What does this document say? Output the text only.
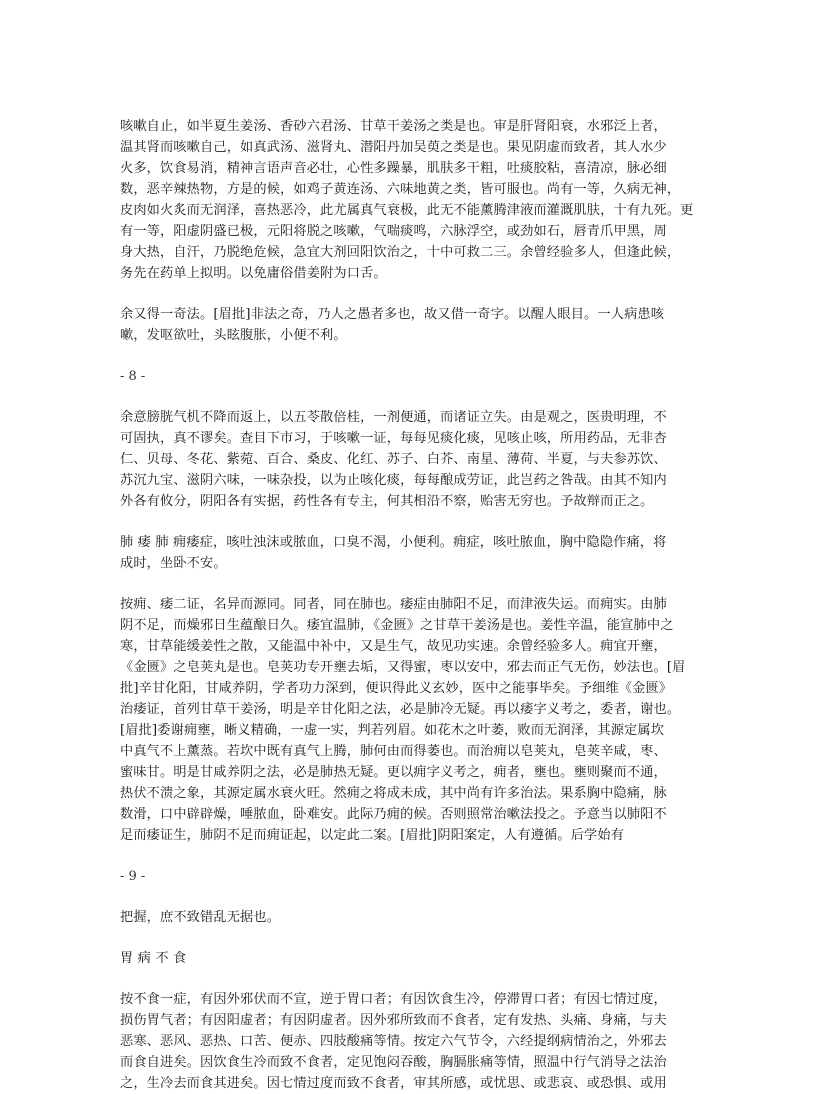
咳嗽自止，如半夏生姜汤、香砂六君汤、甘草干姜汤之类是也。审是肝肾阳衰，水邪泛上者，
温其肾而咳嗽自己，如真武汤、滋肾丸、潜阳丹加吴萸之类是也。果见阴虚而致者，其人水少
火多，饮食易消，精神言语声音必壮，心性多躁暴，肌肤多干粗，吐痰胶粘，喜清凉，脉必细
数，恶辛辣热物，方是的候，如鸡子黄连汤、六味地黄之类，皆可服也。尚有一等，久病无神，
皮肉如火炙而无润泽，喜热恶冷，此尤属真气衰极，此无不能薰腾津液而灌溉肌肤，十有九死。更
有一等，阳虚阴盛已极，元阳将脱之咳嗽，气喘痰鸣，六脉浮空，或劲如石，唇青爪甲黑，周
身大热，自汗，乃脱绝危候，急宜大剂回阳饮治之，十中可救二三。余曾经验多人，但逢此候，
务先在药单上拟明。以免庸俗借姜附为口舌。

余又得一奇法。[眉批]非法之奇，乃人之愚者多也，故又借一奇字。以醒人眼目。一人病患咳
嗽，发呕欲吐，头眩腹胀，小便不利。

- 8 -

余意膀胱气机不降而返上，以五苓散倍桂，一剂便通，而诸证立失。由是观之，医贵明理，不
可固执，真不谬矣。查目下市习，于咳嗽一证，每每见痰化痰，见咳止咳，所用药品，无非杏
仁、贝母、冬花、紫菀、百合、桑皮、化红、苏子、白芥、南星、薄荷、半夏，与夫参苏饮、
苏沉九宝、滋阴六味，一味杂投，以为止咳化痰，每每酿成劳证，此岂药之咎哉。由其不知内
外各有攸分，阴阳各有实据，药性各有专主，何其相沿不察，贻害无穷也。予故辩而正之。

肺 痿 肺 痈痿症，咳吐浊沫或脓血，口臭不渴，小便利。痈症，咳吐脓血，胸中隐隐作痛，将
成时，坐卧不安。

按痈、痿二证，名异而源同。同者，同在肺也。痿症由肺阳不足，而津液失运。而痈实。由肺
阴不足，而燥邪日生蕴酿日久。痿宜温肺，《金匮》之甘草干姜汤是也。姜性辛温，能宣肺中之
寒，甘草能缓姜性之散，又能温中补中，又是生气，故见功实速。余曾经验多人。痈宜开壅，
《金匮》之皂荚丸是也。皂荚功专开壅去垢，又得蜜，枣以安中，邪去而正气无伤，妙法也。[眉
批]辛甘化阳，甘咸养阴，学者功力深到，便识得此义玄妙，医中之能事毕矣。予细维《金匮》
治痿证，首列甘草干姜汤，明是辛甘化阳之法，必是肺冷无疑。再以痿字义考之，委者，谢也。
[眉批]委谢痈壅，晰义精确，一虚一实，判若列眉。如花木之叶萎，败而无润泽，其源定属坎
中真气不上薰蒸。若坎中既有真气上腾，肺何由而得萎也。而治痈以皂荚丸，皂荚辛咸，枣、
蜜味甘。明是甘咸养阴之法，必是肺热无疑。更以痈字义考之，痈者，壅也。壅则聚而不通，
热伏不溃之象，其源定属水衰火旺。然痈之将成未成，其中尚有许多治法。果系胸中隐痛，脉
数滑，口中辟辟燥，唾脓血，卧难安。此际乃痈的候。否则照常治嗽法投之。予意当以肺阳不
足而痿证生，肺阴不足而痈证起，以定此二案。[眉批]阴阳案定，人有遵循。后学始有

- 9 -

把握，庶不致错乱无据也。

胃 病 不 食

按不食一症，有因外邪伏而不宣，逆于胃口者；有因饮食生冷，停滞胃口者；有因七情过度，
损伤胃气者；有因阳虚者；有因阴虚者。因外邪所致而不食者，定有发热、头痛、身痛，与夫
恶寒、恶风、恶热、口苦、便赤、四肢酸痛等情。按定六气节令，六经提纲病情治之，外邪去
而食自进矣。因饮食生冷而致不食者，定见饱闷吞酸，胸膈胀痛等情，照温中行气消导之法治
之，生冷去而食其进矣。因七情过度而致不食者，审其所感，或忧思、或悲哀、或恐惧、或用
